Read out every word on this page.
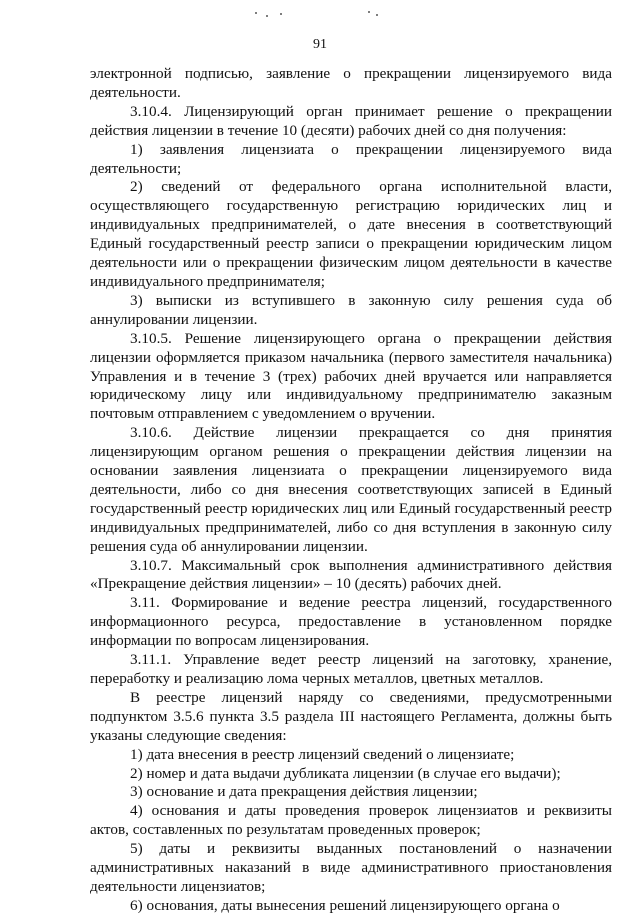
91

электронной подписью, заявление о прекращении лицензируемого вида деятельности.

3.10.4. Лицензирующий орган принимает решение о прекращении действия лицензии в течение 10 (десяти) рабочих дней со дня получения:

1) заявления лицензиата о прекращении лицензируемого вида деятельности;

2) сведений от федерального органа исполнительной власти, осуществляющего государственную регистрацию юридических лиц и индивидуальных предпринимателей, о дате внесения в соответствующий Единый государственный реестр записи о прекращении юридическим лицом деятельности или о прекращении физическим лицом деятельности в качестве индивидуального предпринимателя;

3) выписки из вступившего в законную силу решения суда об аннулировании лицензии.

3.10.5. Решение лицензирующего органа о прекращении действия лицензии оформляется приказом начальника (первого заместителя начальника) Управления и в течение 3 (трех) рабочих дней вручается или направляется юридическому лицу или индивидуальному предпринимателю заказным почтовым отправлением с уведомлением о вручении.

3.10.6. Действие лицензии прекращается со дня принятия лицензирующим органом решения о прекращении действия лицензии на основании заявления лицензиата о прекращении лицензируемого вида деятельности, либо со дня внесения соответствующих записей в Единый государственный реестр юридических лиц или Единый государственный реестр индивидуальных предпринимателей, либо со дня вступления в законную силу решения суда об аннулировании лицензии.

3.10.7. Максимальный срок выполнения административного действия «Прекращение действия лицензии» – 10 (десять) рабочих дней.

3.11. Формирование и ведение реестра лицензий, государственного информационного ресурса, предоставление в установленном порядке информации по вопросам лицензирования.

3.11.1. Управление ведет реестр лицензий на заготовку, хранение, переработку и реализацию лома черных металлов, цветных металлов.

В реестре лицензий наряду со сведениями, предусмотренными подпунктом 3.5.6 пункта 3.5 раздела III настоящего Регламента, должны быть указаны следующие сведения:

1) дата внесения в реестр лицензий сведений о лицензиате;

2) номер и дата выдачи дубликата лицензии (в случае его выдачи);

3) основание и дата прекращения действия лицензии;

4) основания и даты проведения проверок лицензиатов и реквизиты актов, составленных по результатам проведенных проверок;

5) даты и реквизиты выданных постановлений о назначении административных наказаний в виде административного приостановления деятельности лицензиатов;

6) основания, даты вынесения решений лицензирующего органа о
